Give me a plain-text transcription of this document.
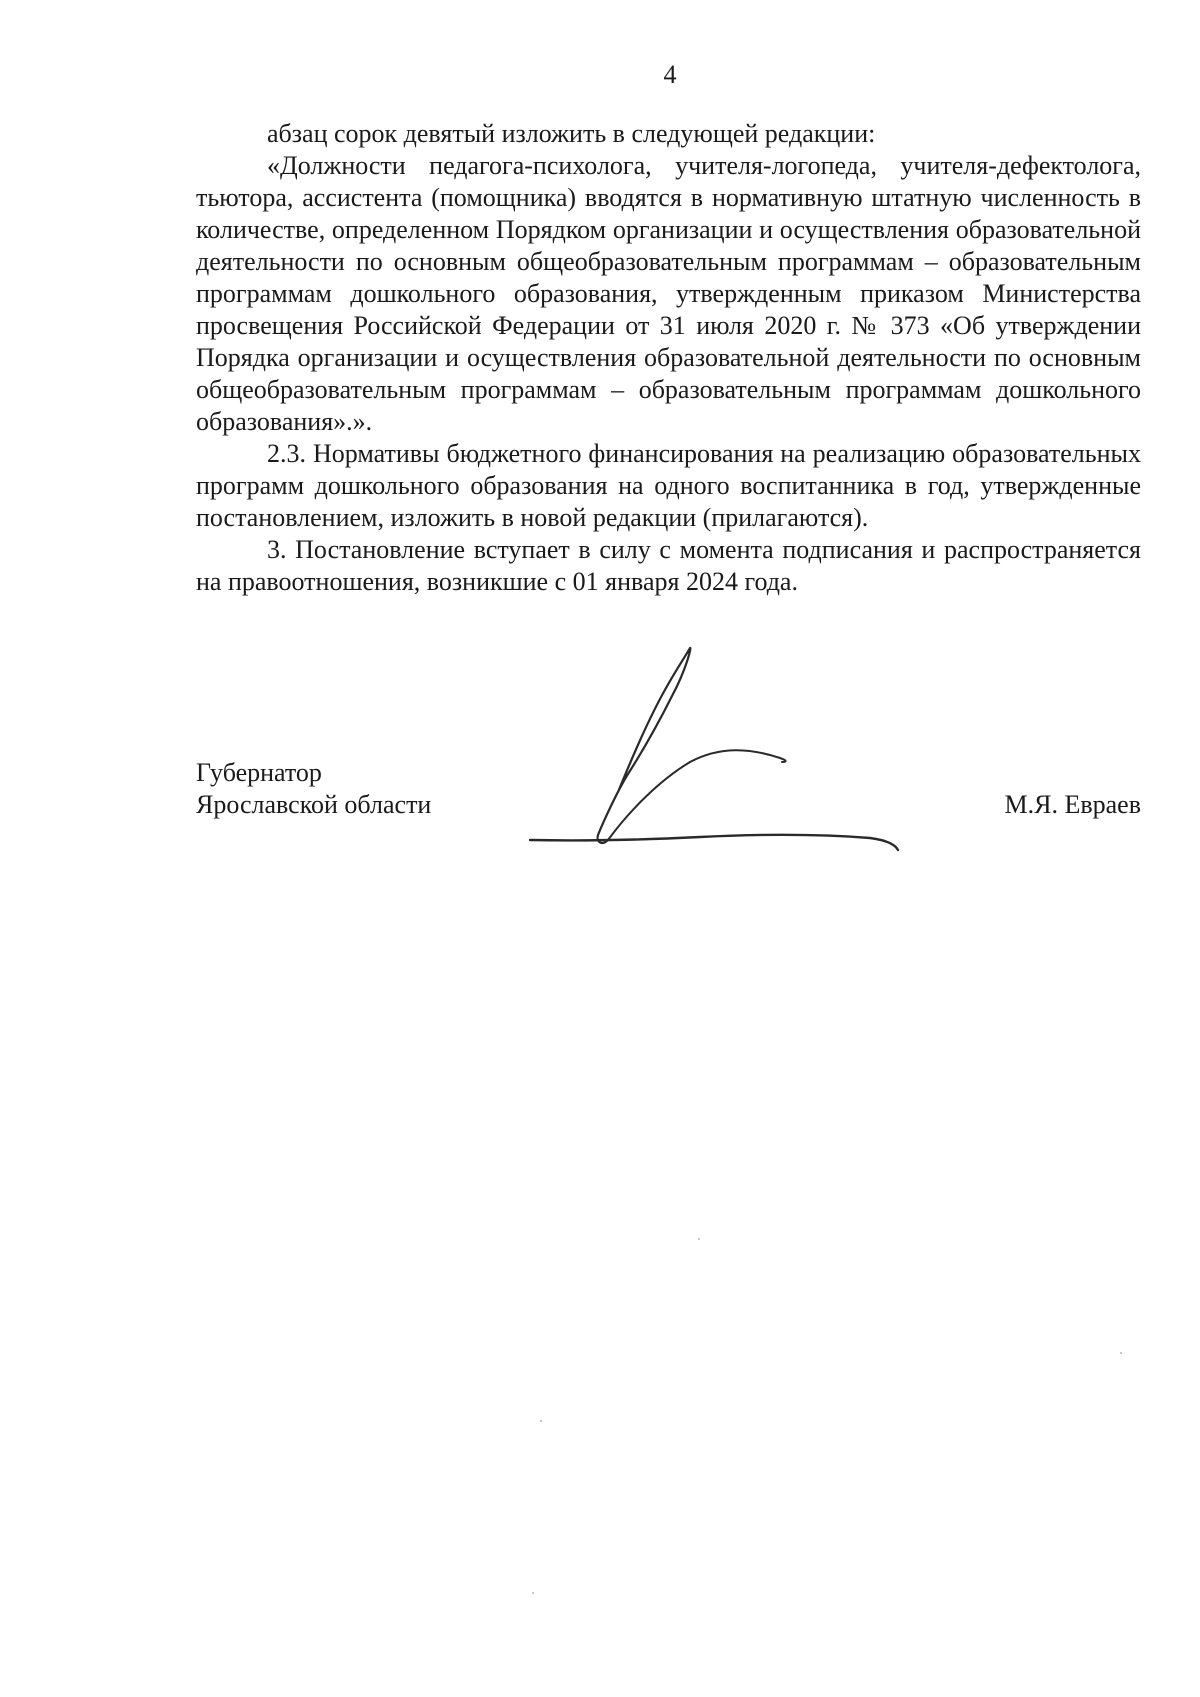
4

абзац сорок девятый изложить в следующей редакции:

«Должности педагога-психолога, учителя-логопеда, учителя-дефектолога, тьютора, ассистента (помощника) вводятся в нормативную штатную численность в количестве, определенном Порядком организации и осуществления образовательной деятельности по основным общеобразовательным программам – образовательным программам дошкольного образования, утвержденным приказом Министерства просвещения Российской Федерации от 31 июля 2020 г. № 373 «Об утверждении Порядка организации и осуществления образовательной деятельности по основным общеобразовательным программам – образовательным программам дошкольного образования».».

2.3. Нормативы бюджетного финансирования на реализацию образовательных программ дошкольного образования на одного воспитанника в год, утвержденные постановлением, изложить в новой редакции (прилагаются).

3. Постановление вступает в силу с момента подписания и распространяется на правоотношения, возникшие с 01 января 2024 года.

Губернатор
Ярославской области	М.Я. Евраев
